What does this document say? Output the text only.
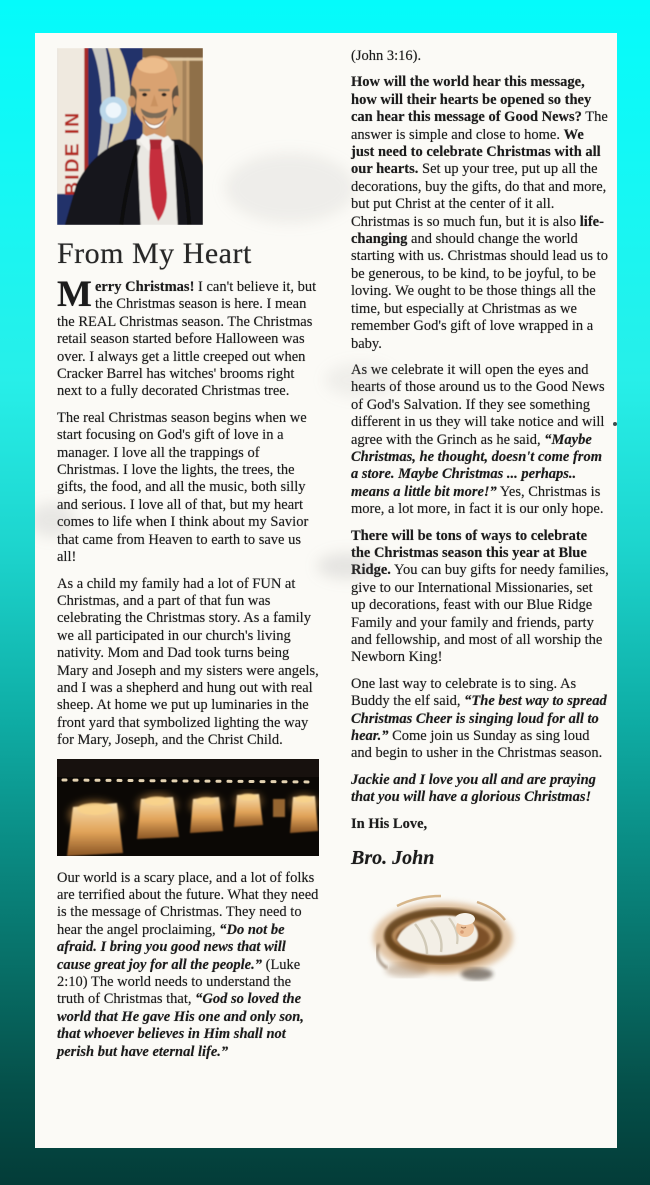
BIDE IN
From My Heart

Merry Christmas! I can't believe it, but the Christmas season is here. I mean the REAL Christmas season. The Christmas retail season started before Halloween was over. I always get a little creeped out when Cracker Barrel has witches' brooms right next to a fully decorated Christmas tree.

The real Christmas season begins when we start focusing on God's gift of love in a manager. I love all the trappings of Christmas. I love the lights, the trees, the gifts, the food, and all the music, both silly and serious. I love all of that, but my heart comes to life when I think about my Savior that came from Heaven to earth to save us all!

As a child my family had a lot of FUN at Christmas, and a part of that fun was celebrating the Christmas story. As a family we all participated in our church's living nativity. Mom and Dad took turns being Mary and Joseph and my sisters were angels, and I was a shepherd and hung out with real sheep. At home we put up luminaries in the front yard that symbolized lighting the way for Mary, Joseph, and the Christ Child.

Our world is a scary place, and a lot of folks are terrified about the future. What they need is the message of Christmas. They need to hear the angel proclaiming, “Do not be afraid. I bring you good news that will cause great joy for all the people.” (Luke 2:10) The world needs to understand the truth of Christmas that, “God so loved the world that He gave His one and only son, that whoever believes in Him shall not perish but have eternal life.”

(John 3:16).

How will the world hear this message, how will their hearts be opened so they can hear this message of Good News? The answer is simple and close to home. We just need to celebrate Christmas with all our hearts. Set up your tree, put up all the decorations, buy the gifts, do that and more, but put Christ at the center of it all. Christmas is so much fun, but it is also life-changing and should change the world starting with us. Christmas should lead us to be generous, to be kind, to be joyful, to be loving. We ought to be those things all the time, but especially at Christmas as we remember God's gift of love wrapped in a baby.

As we celebrate it will open the eyes and hearts of those around us to the Good News of God's Salvation. If they see something different in us they will take notice and will agree with the Grinch as he said, “Maybe Christmas, he thought, doesn't come from a store. Maybe Christmas ... perhaps.. means a little bit more!” Yes, Christmas is more, a lot more, in fact it is our only hope.

There will be tons of ways to celebrate the Christmas season this year at Blue Ridge. You can buy gifts for needy families, give to our International Missionaries, set up decorations, feast with our Blue Ridge Family and your family and friends, party and fellowship, and most of all worship the Newborn King!

One last way to celebrate is to sing. As Buddy the elf said, “The best way to spread Christmas Cheer is singing loud for all to hear.” Come join us Sunday as sing loud and begin to usher in the Christmas season.

Jackie and I love you all and are praying that you will have a glorious Christmas!

In His Love,

Bro. John
